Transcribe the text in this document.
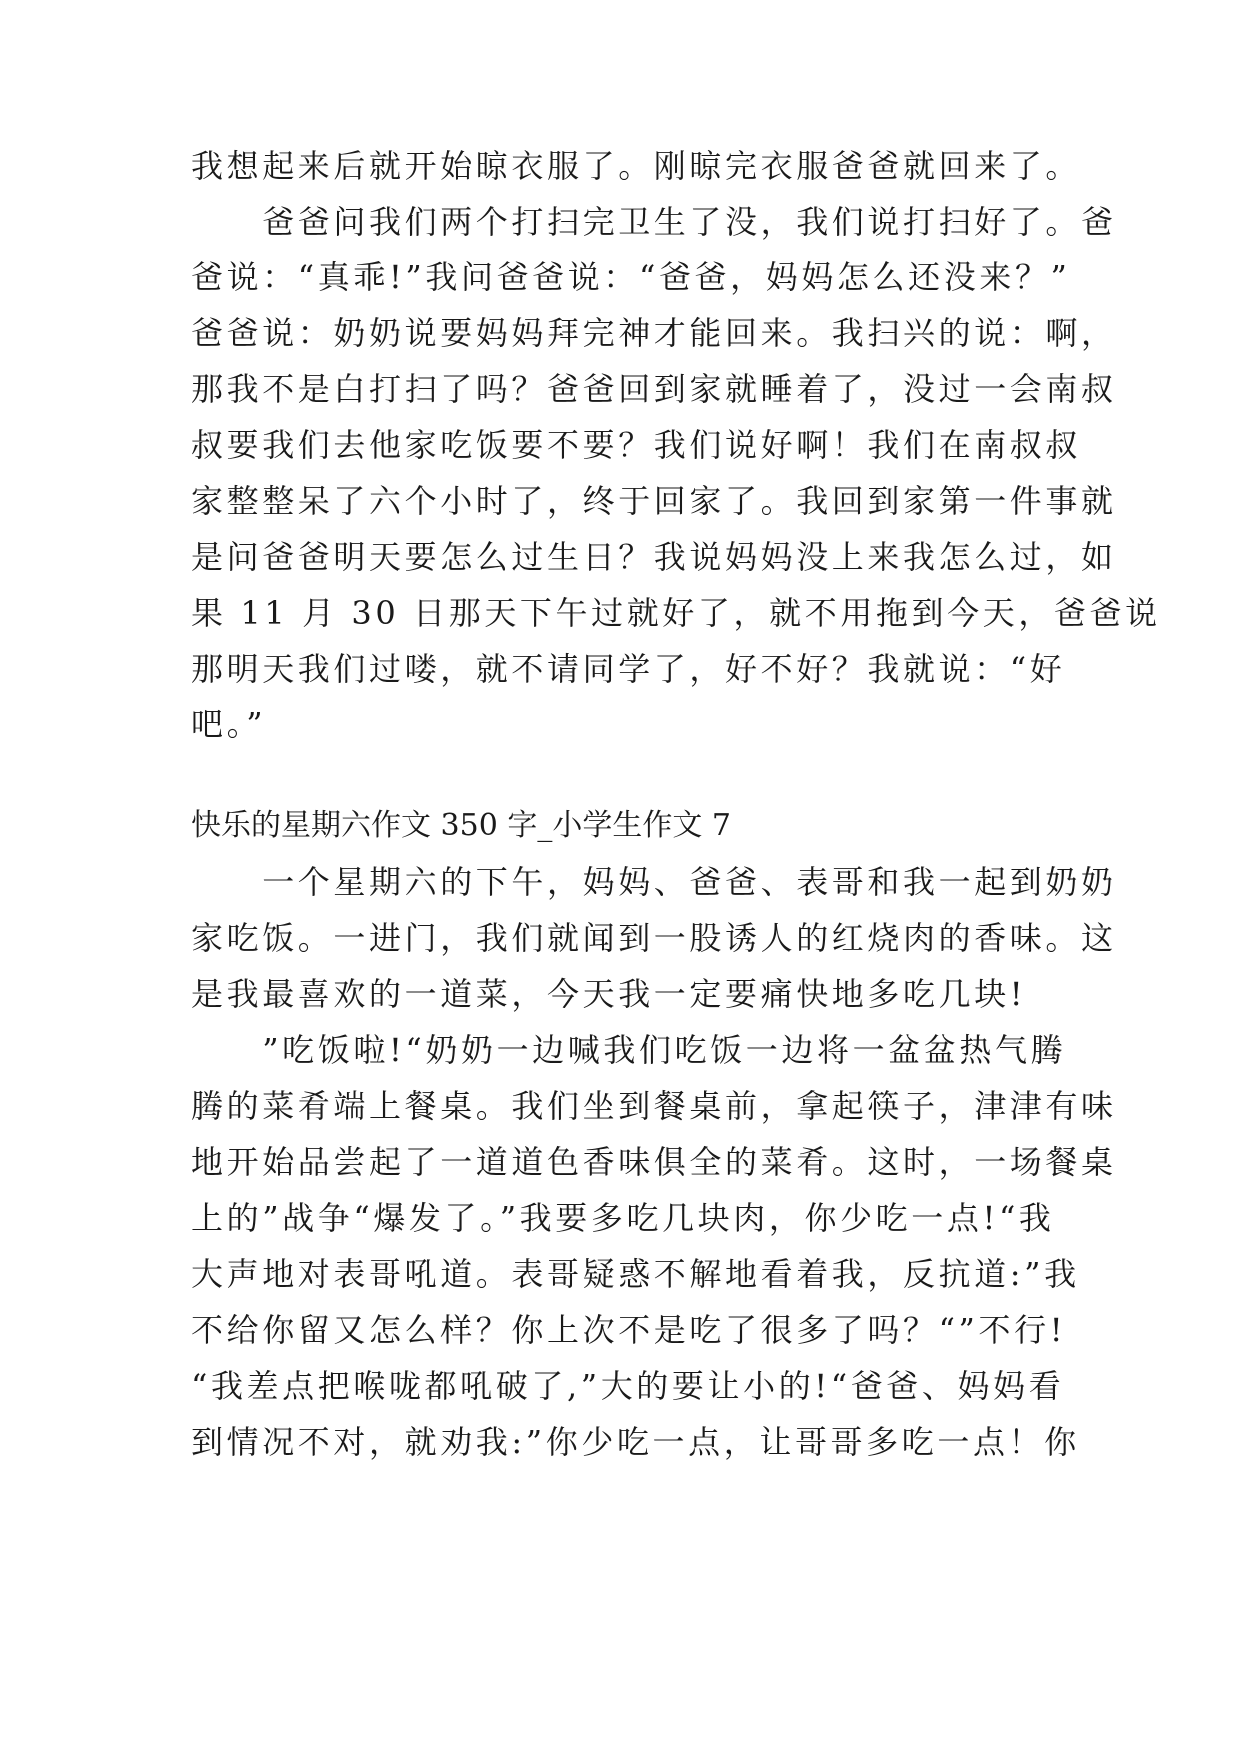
我想起来后就开始晾衣服了。刚晾完衣服爸爸就回来了。
　　爸爸问我们两个打扫完卫生了没，我们说打扫好了。爸
爸说：“真乖!”我问爸爸说：“爸爸，妈妈怎么还没来？”
爸爸说：奶奶说要妈妈拜完神才能回来。我扫兴的说：啊，
那我不是白打扫了吗？爸爸回到家就睡着了，没过一会南叔
叔要我们去他家吃饭要不要？我们说好啊！我们在南叔叔
家整整呆了六个小时了，终于回家了。我回到家第一件事就
是问爸爸明天要怎么过生日？我说妈妈没上来我怎么过，如
果 11 月 30 日那天下午过就好了，就不用拖到今天，爸爸说
那明天我们过喽，就不请同学了，好不好？我就说：“好
吧。”
快乐的星期六作文 350 字_小学生作文 7
　　一个星期六的下午，妈妈、爸爸、表哥和我一起到奶奶
家吃饭。一进门，我们就闻到一股诱人的红烧肉的香味。这
是我最喜欢的一道菜，今天我一定要痛快地多吃几块!
　　”吃饭啦!“奶奶一边喊我们吃饭一边将一盆盆热气腾
腾的菜肴端上餐桌。我们坐到餐桌前，拿起筷子，津津有味
地开始品尝起了一道道色香味俱全的菜肴。这时，一场餐桌
上的”战争“爆发了。”我要多吃几块肉，你少吃一点!“我
大声地对表哥吼道。表哥疑惑不解地看着我，反抗道:”我
不给你留又怎么样？你上次不是吃了很多了吗？“”不行!
“我差点把喉咙都吼破了,”大的要让小的!“爸爸、妈妈看
到情况不对，就劝我:”你少吃一点，让哥哥多吃一点！你
